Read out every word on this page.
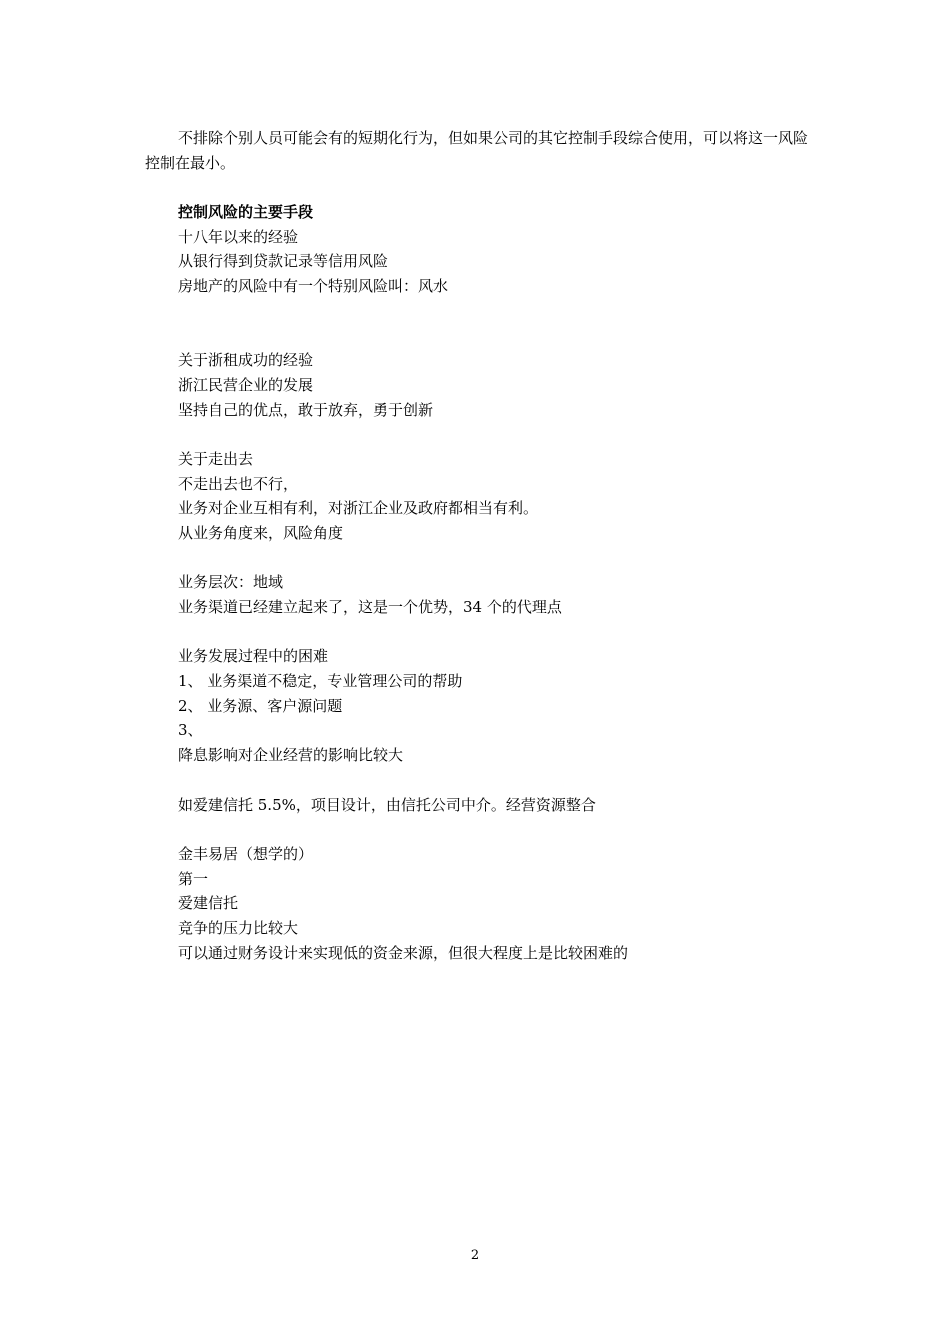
不排除个别人员可能会有的短期化行为，但如果公司的其它控制手段综合使用，可以将这一风险控制在最小。

控制风险的主要手段
十八年以来的经验
从银行得到贷款记录等信用风险
房地产的风险中有一个特别风险叫：风水
关于浙租成功的经验
浙江民营企业的发展
坚持自己的优点，敢于放弃，勇于创新
关于走出去
不走出去也不行，
业务对企业互相有利，对浙江企业及政府都相当有利。
从业务角度来，风险角度
业务层次：地域
业务渠道已经建立起来了，这是一个优势，34 个的代理点
业务发展过程中的困难
1、 业务渠道不稳定，专业管理公司的帮助
2、 业务源、客户源问题
3、
降息影响对企业经营的影响比较大
如爱建信托 5.5%，项目设计，由信托公司中介。经营资源整合
金丰易居（想学的）
第一
爱建信托
竞争的压力比较大
可以通过财务设计来实现低的资金来源，但很大程度上是比较困难的
2
